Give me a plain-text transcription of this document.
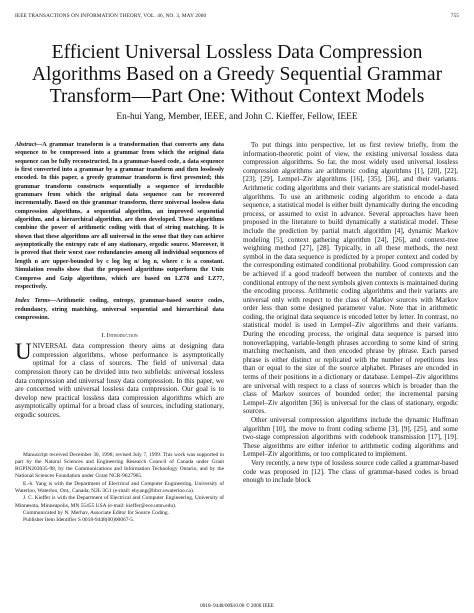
IEEE TRANSACTIONS ON INFORMATION THEORY, VOL. 46, NO. 3, MAY 2000	755
Efficient Universal Lossless Data Compression
Algorithms Based on a Greedy Sequential Grammar
Transform—Part One: Without Context Models
En-hui Yang, Member, IEEE, and John C. Kieffer, Fellow, IEEE
Abstract—A grammar transform is a transformation that converts any data sequence to be compressed into a grammar from which the original data sequence can be fully reconstructed. In a grammar-based code, a data sequence is first converted into a grammar by a grammar transform and then losslessly encoded. In this paper, a greedy grammar transform is first presented; this grammar transform constructs sequentially a sequence of irreducible grammars from which the original data sequence can be recovered incrementally. Based on this grammar transform, three universal lossless data compression algorithms, a sequential algorithm, an improved sequential algorithm, and a hierarchical algorithm, are then developed. These algorithms combine the power of arithmetic coding with that of string matching. It is shown that these algorithms are all universal in the sense that they can achieve asymptotically the entropy rate of any stationary, ergodic source. Moreover, it is proved that their worst case redundancies among all individual sequences of length n are upper-bounded by c log log n/ log n, where c is a constant. Simulation results show that the proposed algorithms outperform the Unix Compress and Gzip algorithms, which are based on LZ78 and LZ77, respectively.
Index Terms—Arithmetic coding, entropy, grammar-based source codes, redundancy, string matching, universal sequential and hierarchical data compression.
I. Introduction
UNIVERSAL data compression theory aims at designing data compression algorithms, whose performance is asymptotically optimal for a class of sources. The field of universal data compression theory can be divided into two subfields: universal lossless data compression and universal lossy data compression. In this paper, we are concerned with universal lossless data compression. Our goal is to develop new practical lossless data compression algorithms which are asymptotically optimal for a broad class of sources, including stationary, ergodic sources.

Manuscript received December 30, 1998; revised July 7, 1999. This work was supported in part by the Natural Sciences and Engineering Research Council of Canada under Grant RGPIN203035-98, by the Communications and Information Technology Ontario, and by the National Sciences Foundation under Grant NCR-9627965.

E.-h. Yang is with the Department of Electrical and Computer Engineering, University of Waterloo, Waterloo, Ont., Canada, N2L 3G1 (e-mail: ehyang@bbcr.uwaterloo.ca).

J. C. Kieffer is with the Department of Electrical and Computer Engineering, University of Minnesota, Minneapolis, MN 55455 USA (e-mail: kieffer@ece.umn.edu).

Communicated by N. Merhav, Associate Editor for Source Coding.

Publisher Item Identifier S 0018-9448(00)00067-5.

To put things into perspective, let us first review briefly, from the information-theoretic point of view, the existing universal lossless data compression algorithms. So far, the most widely used universal lossless compression algorithms are arithmetic coding algorithms [1], [20], [22], [23], [29], Lempel–Ziv algorithms [16], [35], [36], and their variants. Arithmetic coding algorithms and their variants are statistical model-based algorithms. To use an arithmetic coding algorithm to encode a data sequence, a statistical model is either built dynamically during the encoding process, or assumed to exist in advance. Several approaches have been proposed in the literature to build dynamically a statistical model. These include the prediction by partial match algorithm [4], dynamic Markov modeling [5], context gathering algorithm [24], [26], and context-tree weighting method [27], [28]. Typically, in all these methods, the next symbol in the data sequence is predicted by a proper context and coded by the corresponding estimated conditional probability. Good compression can be achieved if a good tradeoff between the number of contexts and the conditional entropy of the next symbols given contexts is maintained during the encoding process. Arithmetic coding algorithms and their variants are universal only with respect to the class of Markov sources with Markov order less than some designed parameter value. Note that in arithmetic coding, the original data sequence is encoded letter by letter. In contrast, no statistical model is used in Lempel–Ziv algorithms and their variants. During the encoding process, the original data sequence is parsed into nonoverlapping, variable-length phrases according to some kind of string matching mechanism, and then encoded phrase by phrase. Each parsed phrase is either distinct or replicated with the number of repetitions less than or equal to the size of the source alphabet. Phrases are encoded in terms of their positions in a dictionary or database. Lempel–Ziv algorithms are universal with respect to a class of sources which is broader than the class of Markov sources of bounded order; the incremental parsing Lempel–Ziv algorithm [36] is universal for the class of stationary, ergodic sources.

Other universal compression algorithms include the dynamic Huffman algorithm [10], the move to front coding scheme [3], [9], [25], and some two-stage compression algorithms with codebook transmission [17], [19]. These algorithms are either inferior to arithmetic coding algorithms and Lempel–Ziv algorithms, or too complicated to implement.

Very recently, a new type of lossless source code called a grammar-based code was proposed in [12]. The class of grammar-based codes is broad enough to include block

0018–9448/00$10.00 © 2000 IEEE
